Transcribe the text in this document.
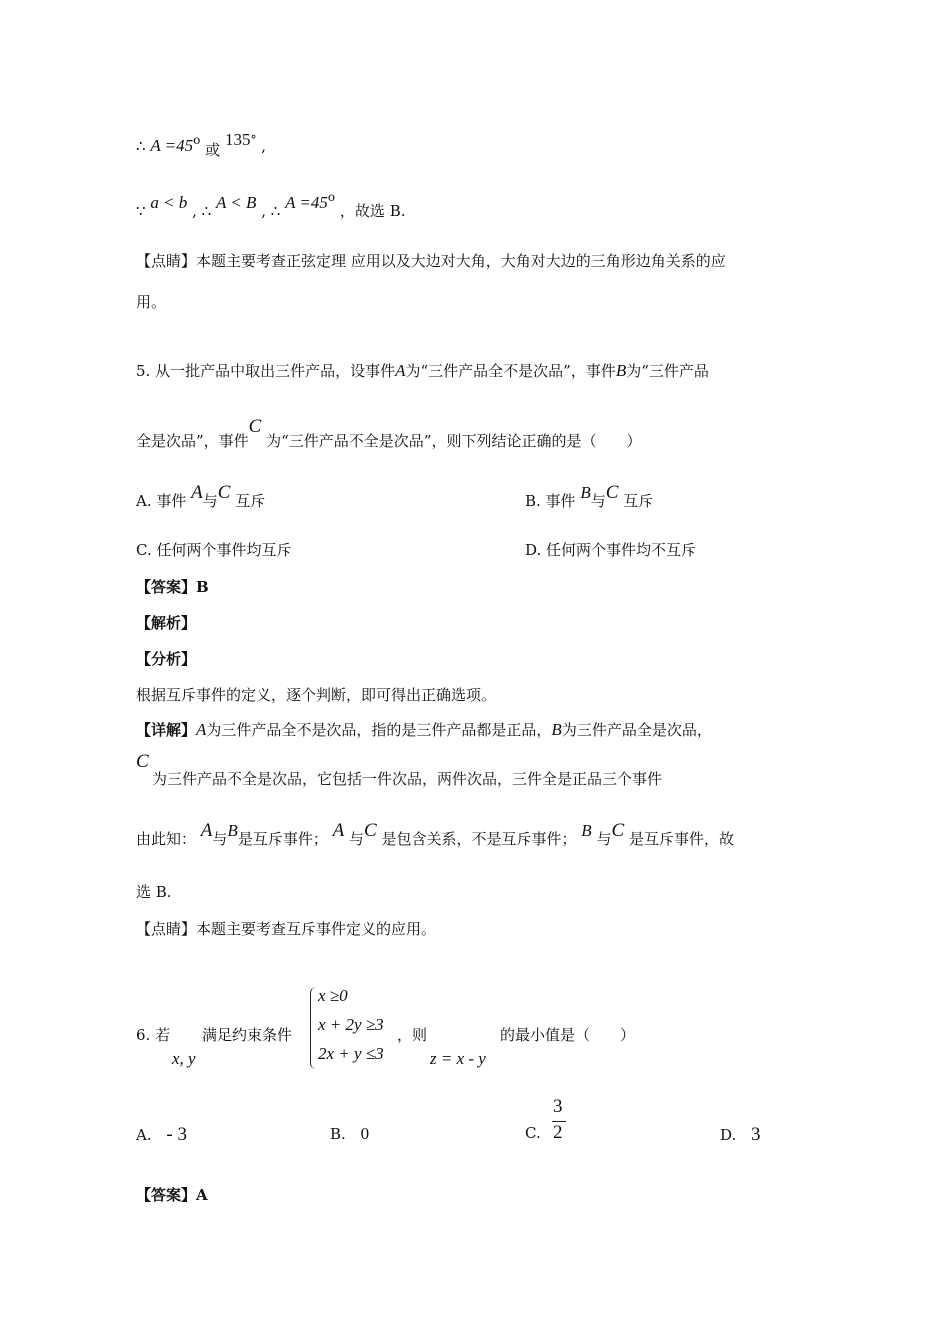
∴ $A =45^o$ 或 135° ,
∵ a < b , ∴ A < B , ∴ $A =45^o$ ，故选 B.
【点睛】本题主要考查正弦定理 应用以及大边对大角，大角对大边的三角形边角关系的应
用。
5. 从一批产品中取出三件产品，设事件A为“三件产品全不是次品”，事件B为“三件产品
全是次品”，事件C 为“三件产品不全是次品”，则下列结论正确的是（　　）
A. 事件 A与C 互斥	B. 事件 B与C 互斥
C. 任何两个事件均互斥	D. 任何两个事件均不互斥
【答案】B
【解析】
【分析】
根据互斥事件的定义，逐个判断，即可得出正确选项。
【详解】A为三件产品全不是次品，指的是三件产品都是正品，B为三件产品全是次品，
C
为三件产品不全是次品，它包括一件次品，两件次品，三件全是正品三个事件
由此知： A与B是互斥事件； A 与C 是包含关系，不是互斥事件； B 与C 是互斥事件，故
选 B.
【点睛】本题主要考查互斥事件定义的应用。
6. 若
x, y
满足约束条件
x ≥0
x + 2y ≥3
2x + y ≤3
，则
z = x - y
的最小值是（　　）
A. - 3	B. 0	C.
3
2	D. 3
【答案】A
